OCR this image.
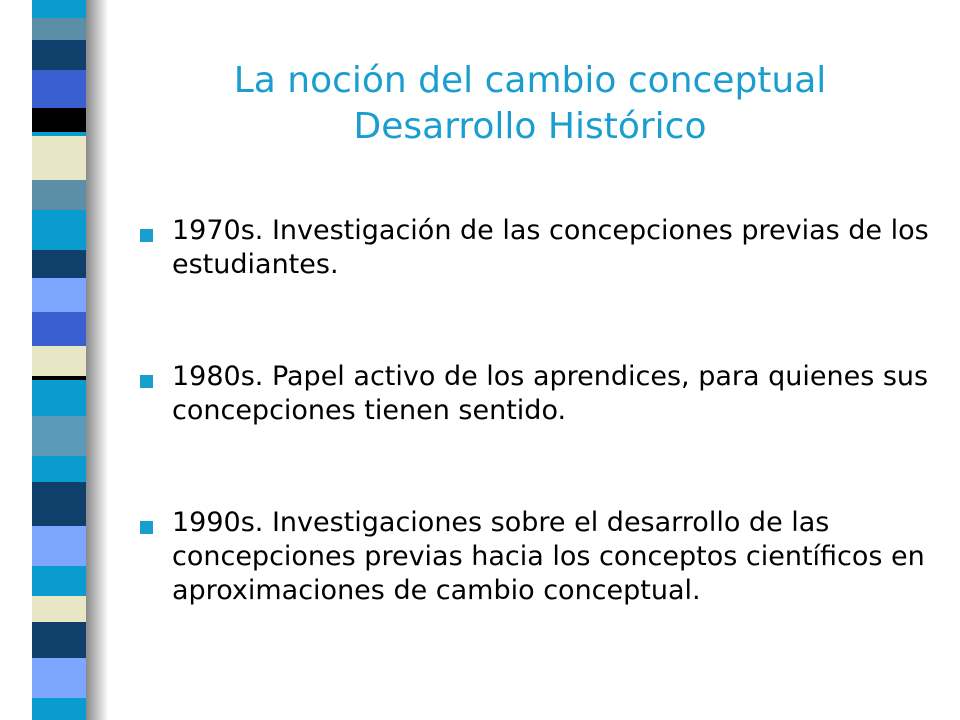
La noción del cambio conceptual
Desarrollo Histórico
1970s. Investigación de las concepciones previas de los estudiantes.
1980s. Papel activo de los aprendices, para quienes sus concepciones tienen sentido.
1990s. Investigaciones sobre el desarrollo de las concepciones previas hacia los conceptos científicos en aproximaciones de cambio conceptual.
